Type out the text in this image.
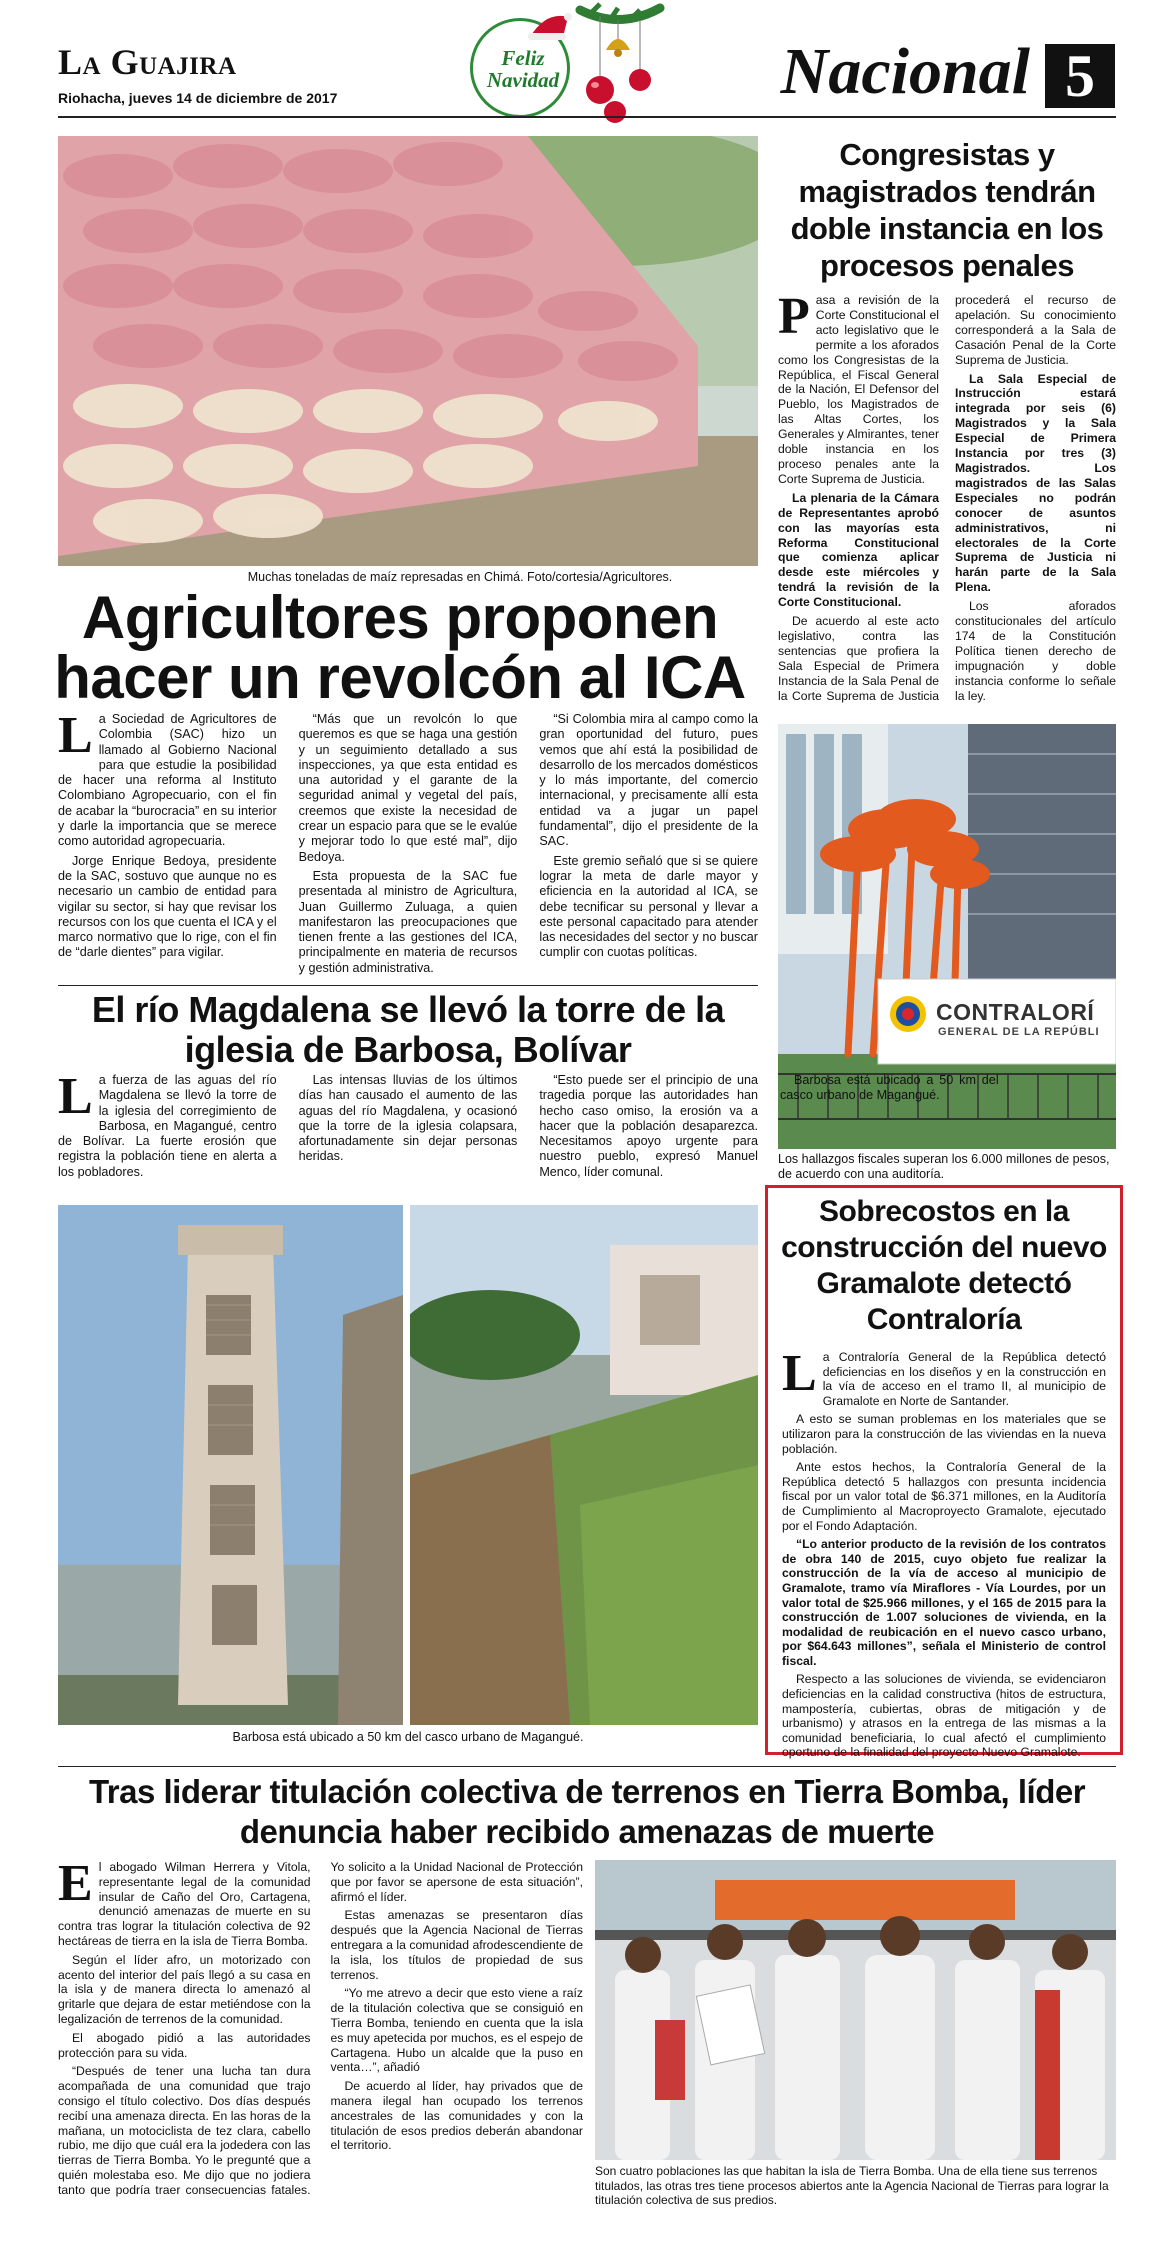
La Guajira
Riohacha, jueves 14 de diciembre de 2017
Feliz Navidad	Nacional 5
Muchas toneladas de maíz represadas en Chimá. Foto/cortesia/Agricultores.
Agricultores proponen hacer un revolcón al ICA

La Sociedad de Agricultores de Colombia (SAC) hizo un llamado al Gobierno Nacional para que estudie la posibilidad de hacer una reforma al Instituto Colombiano Agropecuario, con el fin de acabar la “burocracia” en su interior y darle la importancia que se merece como autoridad agropecuaria.

Jorge Enrique Bedoya, presidente de la SAC, sostuvo que aunque no es necesario un cambio de entidad para vigilar su sector, si hay que revisar los recursos con los que cuenta el ICA y el marco normativo que lo rige, con el fin de “darle dientes” para vigilar.

“Más que un revolcón lo que queremos es que se haga una gestión y un seguimiento detallado a sus inspecciones, ya que esta entidad es una autoridad y el garante de la seguridad animal y vegetal del país, creemos que existe la necesidad de crear un espacio para que se le evalúe y mejorar todo lo que esté mal”, dijo Bedoya.

Esta propuesta de la SAC fue presentada al ministro de Agricultura, Juan Guillermo Zuluaga, a quien manifestaron las preocupaciones que tienen frente a las gestiones del ICA, principalmente en materia de recursos y gestión administrativa.

“Si Colombia mira al campo como la gran oportunidad del futuro, pues vemos que ahí está la posibilidad de desarrollo de los mercados domésticos y lo más importante, del comercio internacional, y precisamente allí esta entidad va a jugar un papel fundamental”, dijo el presidente de la SAC.

Este gremio señaló que si se quiere lograr la meta de darle mayor y eficiencia en la autoridad al ICA, se debe tecnificar su personal y llevar a este personal capacitado para atender las necesidades del sector y no buscar cumplir con cuotas políticas.

Congresistas y magistrados tendrán doble instancia en los procesos penales

Pasa a revisión de la Corte Constitucional el acto legislativo que le permite a los aforados como los Congresistas de la República, el Fiscal General de la Nación, El Defensor del Pueblo, los Magistrados de las Altas Cortes, los Generales y Almirantes, tener doble instancia en los proceso penales ante la Corte Suprema de Justicia.

La plenaria de la Cámara de Representantes aprobó con las mayorías esta Reforma Constitucional que comienza aplicar desde este miércoles y tendrá la revisión de la Corte Constitucional.

De acuerdo al este acto legislativo, contra las sentencias que profiera la Sala Especial de Primera Instancia de la Sala Penal de la Corte Suprema de Justicia procederá el recurso de apelación. Su conocimiento corresponderá a la Sala de Casación Penal de la Corte Suprema de Justicia.

La Sala Especial de Instrucción estará integrada por seis (6) Magistrados y la Sala Especial de Primera Instancia por tres (3) Magistrados. Los magistrados de las Salas Especiales no podrán conocer de asuntos administrativos, ni electorales de la Corte Suprema de Justicia ni harán parte de la Sala Plena.

Los aforados constitucionales del artículo 174 de la Constitución Política tienen derecho de impugnación y doble instancia conforme lo señale la ley.

CONTRALORÍ
GENERAL DE LA REPÚBLI
Los hallazgos fiscales superan los 6.000 millones de pesos, de acuerdo con una auditoría.
El río Magdalena se llevó la torre de la iglesia de Barbosa, Bolívar

La fuerza de las aguas del río Magdalena se llevó la torre de la iglesia del corregimiento de Barbosa, en Magangué, centro de Bolívar. La fuerte erosión que registra la población tiene en alerta a los pobladores.

Las intensas lluvias de los últimos días han causado el aumento de las aguas del río Magdalena, y ocasionó que la torre de la iglesia colapsara, afortunadamente sin dejar personas heridas.

“Esto puede ser el principio de una tragedia porque las autoridades han hecho caso omiso, la erosión va a hacer que la población desaparezca. Necesitamos apoyo urgente para nuestro pueblo, expresó Manuel Menco, líder comunal.

Barbosa está ubicado a 50 km del casco urbano de Magangué.

Barbosa está ubicado a 50 km del casco urbano de Magangué.
Sobrecostos en la construcción del nuevo Gramalote detectó Contraloría

La Contraloría General de la República detectó deficiencias en los diseños y en la construcción en la vía de acceso en el tramo II, al municipio de Gramalote en Norte de Santander.

A esto se suman problemas en los materiales que se utilizaron para la construcción de las viviendas en la nueva población.

Ante estos hechos, la Contraloría General de la República detectó 5 hallazgos con presunta incidencia fiscal por un valor total de $6.371 millones, en la Auditoría de Cumplimiento al Macroproyecto Gramalote, ejecutado por el Fondo Adaptación.

“Lo anterior producto de la revisión de los contratos de obra 140 de 2015, cuyo objeto fue realizar la construcción de la vía de acceso al municipio de Gramalote, tramo vía Miraflores - Vía Lourdes, por un valor total de $25.966 millones, y el 165 de 2015 para la construcción de 1.007 soluciones de vivienda, en la modalidad de reubicación en el nuevo casco urbano, por $64.643 millones”, señala el Ministerio de control fiscal.

Respecto a las soluciones de vivienda, se evidenciaron deficiencias en la calidad constructiva (hitos de estructura, mampostería, cubiertas, obras de mitigación y de urbanismo) y atrasos en la entrega de las mismas a la comunidad beneficiaria, lo cual afectó el cumplimiento oportuno de la finalidad del proyecto Nuevo Gramalote.

Tras liderar titulación colectiva de terrenos en Tierra Bomba, líder denuncia haber recibido amenazas de muerte

El abogado Wilman Herrera y Vitola, representante legal de la comunidad insular de Caño del Oro, Cartagena, denunció amenazas de muerte en su contra tras lograr la titulación colectiva de 92 hectáreas de tierra en la isla de Tierra Bomba.

Según el líder afro, un motorizado con acento del interior del país llegó a su casa en la isla y de manera directa lo amenazó al gritarle que dejara de estar metiéndose con la legalización de terrenos de la comunidad.

El abogado pidió a las autoridades protección para su vida.

“Después de tener una lucha tan dura acompañada de una comunidad que trajo consigo el título colectivo. Dos días después recibí una amenaza directa. En las horas de la mañana, un motociclista de tez clara, cabello rubio, me dijo que cuál era la jodedera con las tierras de Tierra Bomba. Yo le pregunté que a quién molestaba eso. Me dijo que no jodiera tanto que podría traer consecuencias fatales. Yo solicito a la Unidad Nacional de Protección que por favor se apersone de esta situación”, afirmó el líder.

Estas amenazas se presentaron días después que la Agencia Nacional de Tierras entregara a la comunidad afrodescendiente de la isla, los títulos de propiedad de sus terrenos.

“Yo me atrevo a decir que esto viene a raíz de la titulación colectiva que se consiguió en Tierra Bomba, teniendo en cuenta que la isla es muy apetecida por muchos, es el espejo de Cartagena. Hubo un alcalde que la puso en venta…”, añadió

De acuerdo al líder, hay privados que de manera ilegal han ocupado los terrenos ancestrales de las comunidades y con la titulación de esos predios deberán abandonar el territorio.

Son cuatro poblaciones las que habitan la isla de Tierra Bomba. Una de ella tiene sus terrenos titulados, las otras tres tiene procesos abiertos ante la Agencia Nacional de Tierras para lograr la titulación colectiva de sus predios.
